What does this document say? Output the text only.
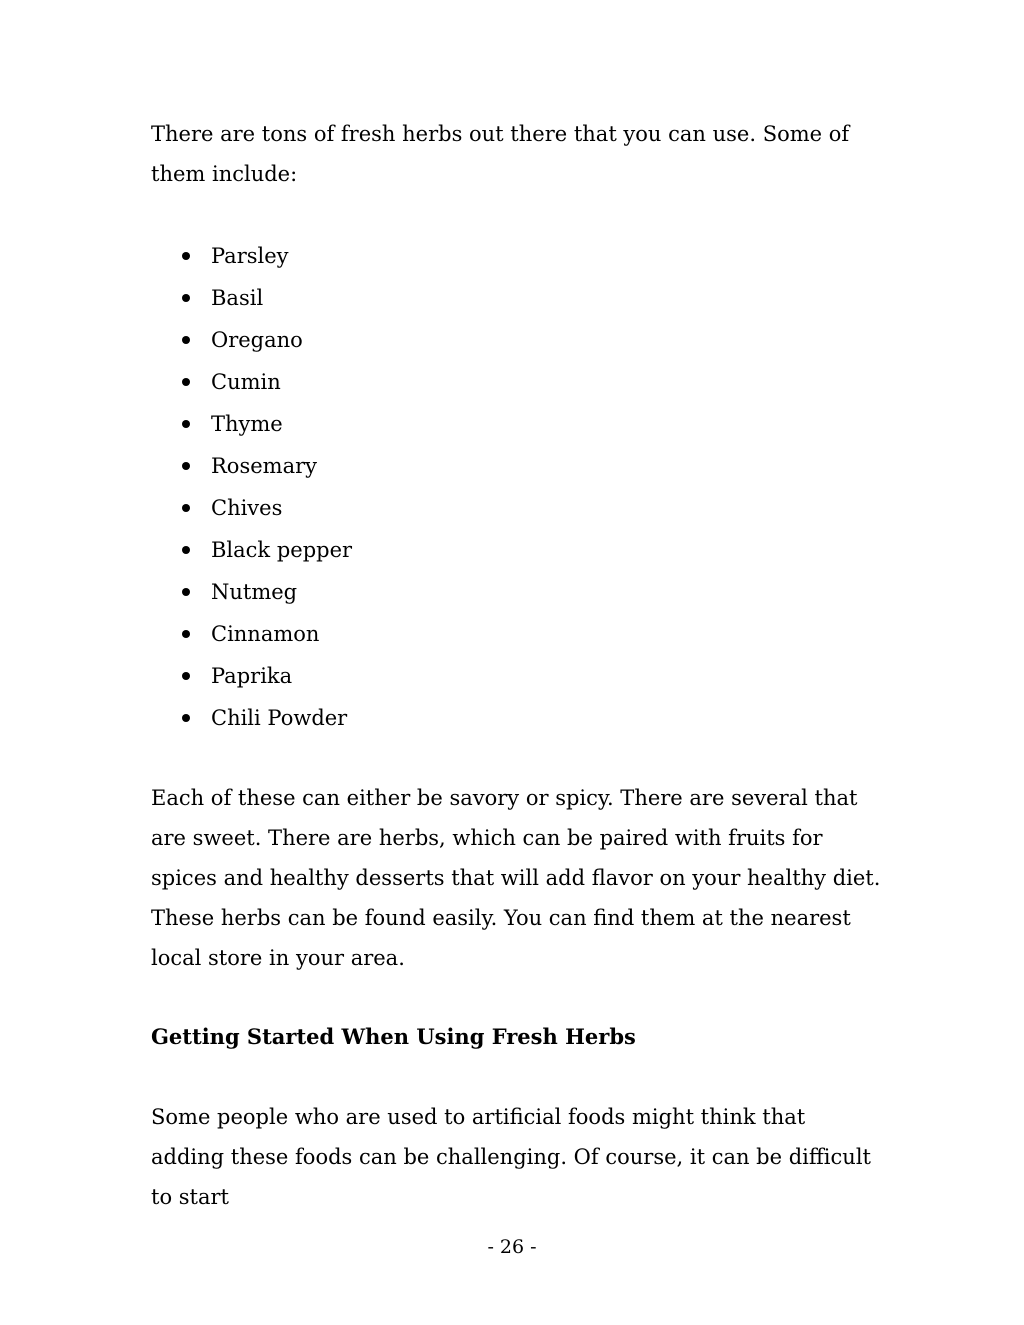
There are tons of fresh herbs out there that you can use. Some of them include:

Parsley
Basil
Oregano
Cumin
Thyme
Rosemary
Chives
Black pepper
Nutmeg
Cinnamon
Paprika
Chili Powder

Each of these can either be savory or spicy. There are several that are sweet. There are herbs, which can be paired with fruits for spices and healthy desserts that will add flavor on your healthy diet. These herbs can be found easily. You can find them at the nearest local store in your area.

Getting Started When Using Fresh Herbs

Some people who are used to artificial foods might think that adding these foods can be challenging. Of course, it can be difficult to start

- 26 -
